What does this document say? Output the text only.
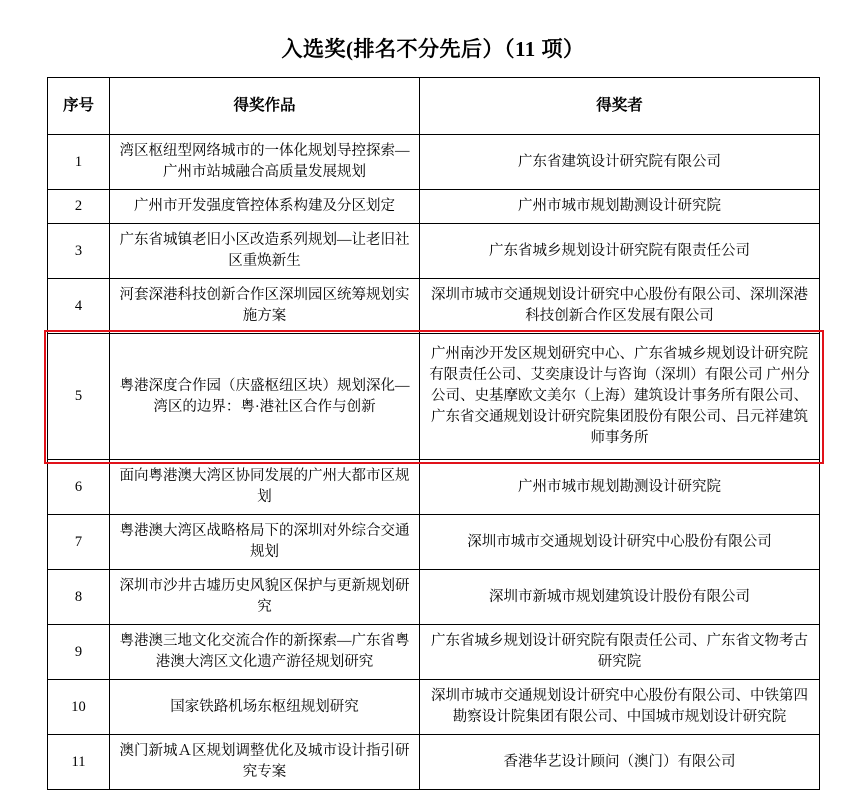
入选奖(排名不分先后）（11 项）
序号	得奖作品	得奖者
1	湾区枢纽型网络城市的一体化规划导控探索—广州市站城融合高质量发展规划	广东省建筑设计研究院有限公司
2	广州市开发强度管控体系构建及分区划定	广州市城市规划勘测设计研究院
3	广东省城镇老旧小区改造系列规划—让老旧社区重焕新生	广东省城乡规划设计研究院有限责任公司
4	河套深港科技创新合作区深圳园区统筹规划实施方案	深圳市城市交通规划设计研究中心股份有限公司、深圳深港科技创新合作区发展有限公司
5	粤港深度合作园（庆盛枢纽区块）规划深化—湾区的边界：粤·港社区合作与创新	广州南沙开发区规划研究中心、广东省城乡规划设计研究院有限责任公司、艾奕康设计与咨询（深圳）有限公司 广州分公司、史基摩欧文美尔（上海）建筑设计事务所有限公司、广东省交通规划设计研究院集团股份有限公司、吕元祥建筑师事务所
6	面向粤港澳大湾区协同发展的广州大都市区规划	广州市城市规划勘测设计研究院
7	粤港澳大湾区战略格局下的深圳对外综合交通规划	深圳市城市交通规划设计研究中心股份有限公司
8	深圳市沙井古墟历史风貌区保护与更新规划研究	深圳市新城市规划建筑设计股份有限公司
9	粤港澳三地文化交流合作的新探索—广东省粤港澳大湾区文化遗产游径规划研究	广东省城乡规划设计研究院有限责任公司、广东省文物考古研究院
10	国家铁路机场东枢纽规划研究	深圳市城市交通规划设计研究中心股份有限公司、中铁第四勘察设计院集团有限公司、中国城市规划设计研究院
11	澳门新城Ａ区规划调整优化及城市设计指引研究专案	香港华艺设计顾问（澳门）有限公司
